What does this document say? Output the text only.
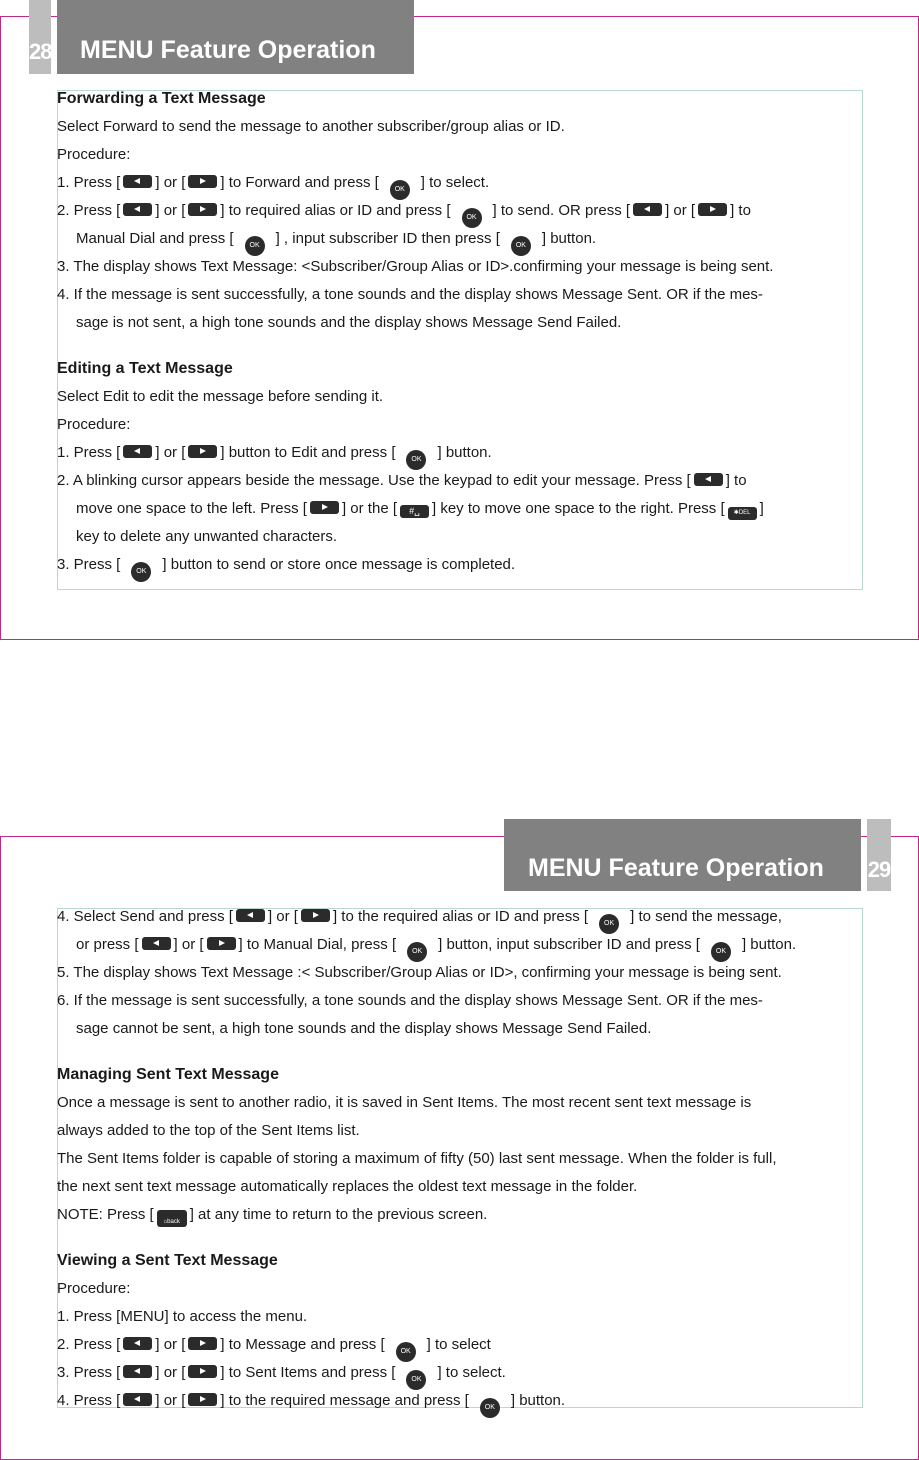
28	MENU Feature Operation
MENU Feature Operation	29
Forwarding a Text Message
Select Forward to send the message to another subscriber/group alias or ID.
Procedure:
1. Press [ ] or [ ] to Forward and press [ OK ] to select.
2. Press [ ] or [ ] to required alias or ID and press [ OK ] to send. OR press [ ] or [ ] to
Manual Dial and press [ OK ] , input subscriber ID then press [ OK ] button.
3. The display shows Text Message: <Subscriber/Group Alias or ID>.confirming your message is being sent.
4. If the message is sent successfully, a tone sounds and the display shows Message Sent. OR if the mes-
sage is not sent, a high tone sounds and the display shows Message Send Failed.
Editing a Text Message
Select Edit to edit the message before sending it.
Procedure:
1. Press [ ] or [ ] button to Edit and press [ OK ] button.
2. A blinking cursor appears beside the message. Use the keypad to edit your message. Press [ ] to
move one space to the left. Press [ ] or the [ #␣ ] key to move one space to the right. Press [ ✱DEL ]
key to delete any unwanted characters.
3. Press [ OK ] button to send or store once message is completed.
4. Select Send and press [ ] or [ ] to the required alias or ID and press [ OK ] to send the message,
or press [ ] or [ ] to Manual Dial, press [ OK ] button, input subscriber ID and press [ OK ] button.
5. The display shows Text Message :< Subscriber/Group Alias or ID>, confirming your message is being sent.
6. If the message is sent successfully, a tone sounds and the display shows Message Sent. OR if the mes-
sage cannot be sent, a high tone sounds and the display shows Message Send Failed.
Managing Sent Text Message
Once a message is sent to another radio, it is saved in Sent Items. The most recent sent text message is
always added to the top of the Sent Items list.
The Sent Items folder is capable of storing a maximum of fifty (50) last sent message. When the folder is full,
the next sent text message automatically replaces the oldest text message in the folder.
NOTE: Press [ ⌂back ] at any time to return to the previous screen.
Viewing a Sent Text Message
Procedure:
1. Press [MENU] to access the menu.
2. Press [ ] or [ ] to Message and press [ OK ] to select
3. Press [ ] or [ ] to Sent Items and press [ OK ] to select.
4. Press [ ] or [ ] to the required message and press [ OK ] button.
